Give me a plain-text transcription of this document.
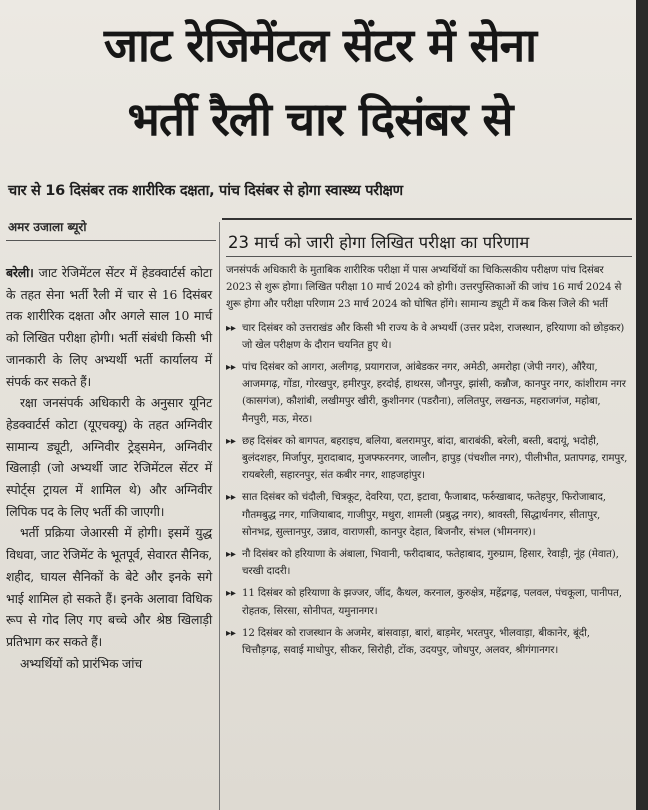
जाट रेजिमेंटल सेंटर में सेना
भर्ती रैली चार दिसंबर से
चार से 16 दिसंबर तक शारीरिक दक्षता, पांच दिसंबर से होगा स्वास्थ्य परीक्षण
अमर उजाला ब्यूरो

बरेली। जाट रेजिमेंटल सेंटर में हेडक्वार्टर्स कोटा के तहत सेना भर्ती रैली में चार से 16 दिसंबर तक शारीरिक दक्षता और अगले साल 10 मार्च को लिखित परीक्षा होगी। भर्ती संबंधी किसी भी जानकारी के लिए अभ्यर्थी भर्ती कार्यालय में संपर्क कर सकते हैं।

रक्षा जनसंपर्क अधिकारी के अनुसार यूनिट हेडक्वार्टर्स कोटा (यूएचक्यू) के तहत अग्निवीर सामान्य ड्यूटी, अग्निवीर ट्रेड्समेन, अग्निवीर खिलाड़ी (जो अभ्यर्थी जाट रेजिमेंटल सेंटर में स्पोर्ट्स ट्रायल में शामिल थे) और अग्निवीर लिपिक पद के लिए भर्ती की जाएगी।

भर्ती प्रक्रिया जेआरसी में होगी। इसमें युद्ध विधवा, जाट रेजिमेंट के भूतपूर्व, सेवारत सैनिक, शहीद, घायल सैनिकों के बेटे और इनके सगे भाई शामिल हो सकते हैं। इनके अलावा विधिक रूप से गोद लिए गए बच्चे और श्रेष्ठ खिलाड़ी प्रतिभाग कर सकते हैं।

अभ्यर्थियों को प्रारंभिक जांच

23 मार्च को जारी होगा लिखित परीक्षा का परिणाम

जनसंपर्क अधिकारी के मुताबिक शारीरिक परीक्षा में पास अभ्यर्थियों का चिकित्सकीय परीक्षण पांच दिसंबर 2023 से शुरू होगा। लिखित परीक्षा 10 मार्च 2024 को होगी। उत्तरपुस्तिकाओं की जांच 16 मार्च 2024 से शुरू होगा और परीक्षा परिणाम 23 मार्च 2024 को घोषित होंगे। सामान्य ड्यूटी में कब किस जिले की भर्ती

▸▸ चार दिसंबर को उत्तराखंड और किसी भी राज्य के वे अभ्यर्थी (उत्तर प्रदेश, राजस्थान, हरियाणा को छोड़कर) जो खेल परीक्षण के दौरान चयनित हुए थे।
▸▸ पांच दिसंबर को आगरा, अलीगढ़, प्रयागराज, आंबेडकर नगर, अमेठी, अमरोहा (जेपी नगर), औरैया, आजमगढ़, गोंडा, गोरखपुर, हमीरपुर, हरदोई, हाथरस, जौनपुर, झांसी, कन्नौज, कानपुर नगर, कांशीराम नगर (कासगंज), कौशांबी, लखीमपुर खीरी, कुशीनगर (पडरौना), ललितपुर, लखनऊ, महराजगंज, महोबा, मैनपुरी, मऊ, मेरठ।
▸▸ छह दिसंबर को बागपत, बहराइच, बलिया, बलरामपुर, बांदा, बाराबंकी, बरेली, बस्ती, बदायूं, भदोही, बुलंदशहर, मिर्जापुर, मुरादाबाद, मुजफ्फरनगर, जालौन, हापुड़ (पंचशील नगर), पीलीभीत, प्रतापगढ़, रामपुर, रायबरेली, सहारनपुर, संत कबीर नगर, शाहजहांपुर।
▸▸ सात दिसंबर को चंदौली, चित्रकूट, देवरिया, एटा, इटावा, फैजाबाद, फर्रुखाबाद, फतेहपुर, फिरोजाबाद, गौतमबुद्ध नगर, गाजियाबाद, गाजीपुर, मथुरा, शामली (प्रबुद्ध नगर), श्रावस्ती, सिद्धार्थनगर, सीतापुर, सोनभद्र, सुल्तानपुर, उन्नाव, वाराणसी, कानपुर देहात, बिजनौर, संभल (भीमनगर)।
▸▸ नौ दिसंबर को हरियाणा के अंबाला, भिवानी, फरीदाबाद, फतेहाबाद, गुरुग्राम, हिसार, रेवाड़ी, नूंह (मेवात), चरखी दादरी।
▸▸ 11 दिसंबर को हरियाणा के झज्जर, जींद, कैथल, करनाल, कुरुक्षेत्र, महेंद्रगढ़, पलवल, पंचकूला, पानीपत, रोहतक, सिरसा, सोनीपत, यमुनानगर।
▸▸ 12 दिसंबर को राजस्थान के अजमेर, बांसवाड़ा, बारां, बाड़मेर, भरतपुर, भीलवाड़ा, बीकानेर, बूंदी, चित्तौड़गढ़, सवाई माधोपुर, सीकर, सिरोही, टोंक, उदयपुर, जोधपुर, अलवर, श्रीगंगानगर।
